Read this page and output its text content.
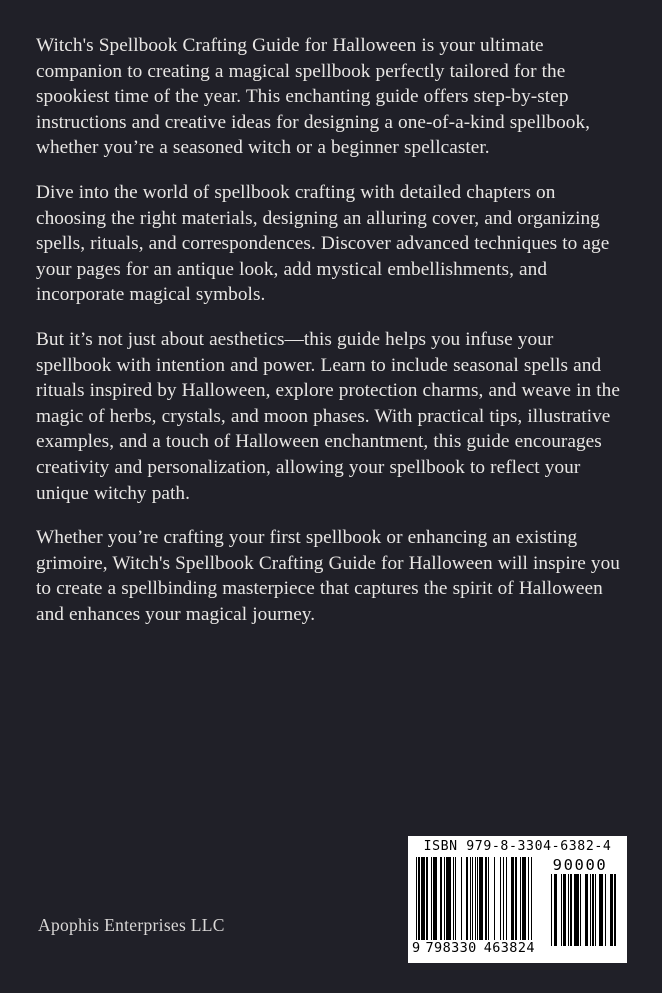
Witch's Spellbook Crafting Guide for Halloween is your ultimate companion to creating a magical spellbook perfectly tailored for the spookiest time of the year. This enchanting guide offers step-by-step instructions and creative ideas for designing a one-of-a-kind spellbook, whether you’re a seasoned witch or a beginner spellcaster.

Dive into the world of spellbook crafting with detailed chapters on choosing the right materials, designing an alluring cover, and organizing spells, rituals, and correspondences. Discover advanced techniques to age your pages for an antique look, add mystical embellishments, and incorporate magical symbols.

But it’s not just about aesthetics—this guide helps you infuse your spellbook with intention and power. Learn to include seasonal spells and rituals inspired by Halloween, explore protection charms, and weave in the magic of herbs, crystals, and moon phases. With practical tips, illustrative examples, and a touch of Halloween enchantment, this guide encourages creativity and personalization, allowing your spellbook to reflect your unique witchy path.

Whether you’re crafting your first spellbook or enhancing an existing grimoire, Witch's Spellbook Crafting Guide for Halloween will inspire you to create a spellbinding masterpiece that captures the spirit of Halloween and enhances your magical journey.

Apophis Enterprises LLC
ISBN 979-8-3304-6382-4
90000
9 798330 463824
